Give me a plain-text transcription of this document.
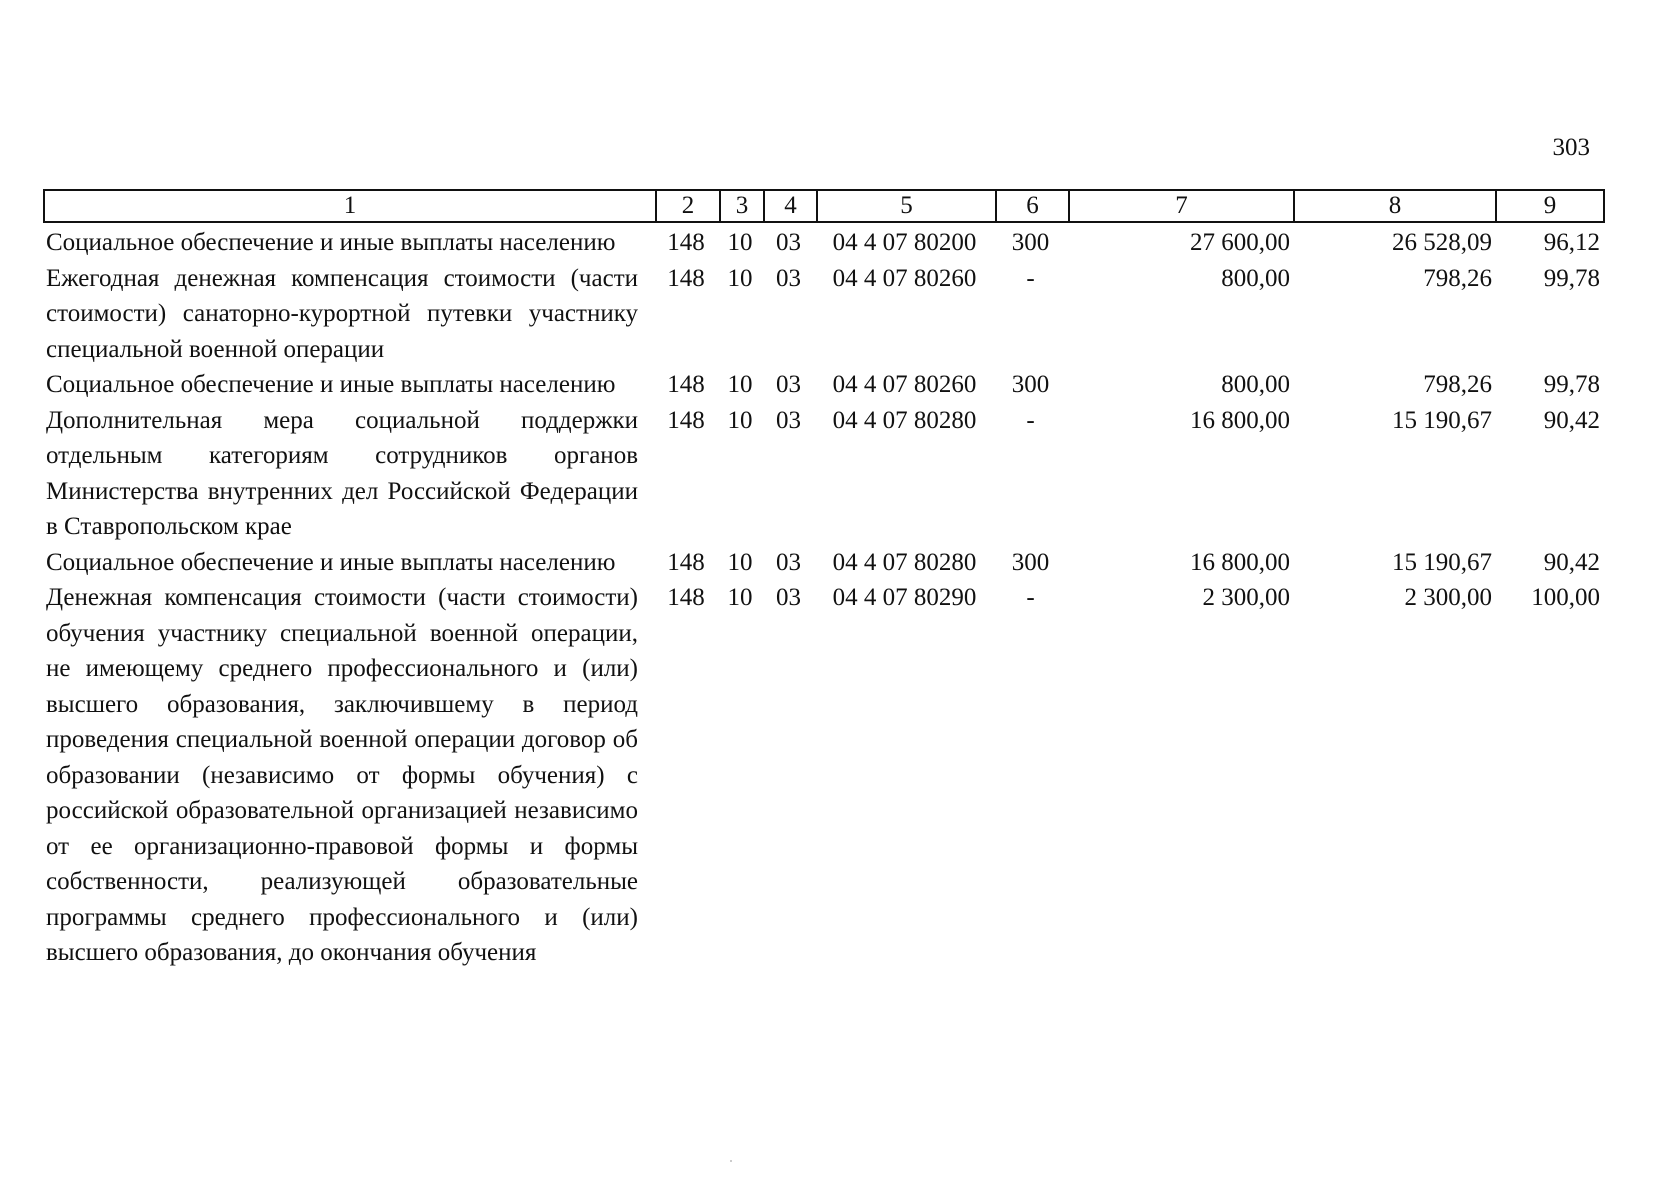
303
1	2	3	4	5	6	7	8	9
Социальное обеспечение и иные выплаты населению	148	10	03	04 4 07 80200	300	27 600,00	26 528,09	96,12
Ежегодная денежная компенсация стоимости (части стоимости) санаторно-курортной путевки участнику специальной военной операции	148	10	03	04 4 07 80260	-	800,00	798,26	99,78
Социальное обеспечение и иные выплаты населению	148	10	03	04 4 07 80260	300	800,00	798,26	99,78
Дополнительная мера социальной поддержки отдельным категориям сотрудников органов Министерства внутренних дел Российской Федерации в Ставропольском крае	148	10	03	04 4 07 80280	-	16 800,00	15 190,67	90,42
Социальное обеспечение и иные выплаты населению	148	10	03	04 4 07 80280	300	16 800,00	15 190,67	90,42
Денежная компенсация стоимости (части стоимости) обучения участнику специальной военной операции, не имеющему среднего профессионального и (или) высшего образования, заключившему в период проведения специальной военной операции договор об образовании (независимо от формы обучения) с российской образовательной организацией независимо от ее организационно-правовой формы и формы собственности, реализующей образовательные программы среднего профессионального и (или) высшего образования, до окончания обучения	148	10	03	04 4 07 80290	-	2 300,00	2 300,00	100,00
